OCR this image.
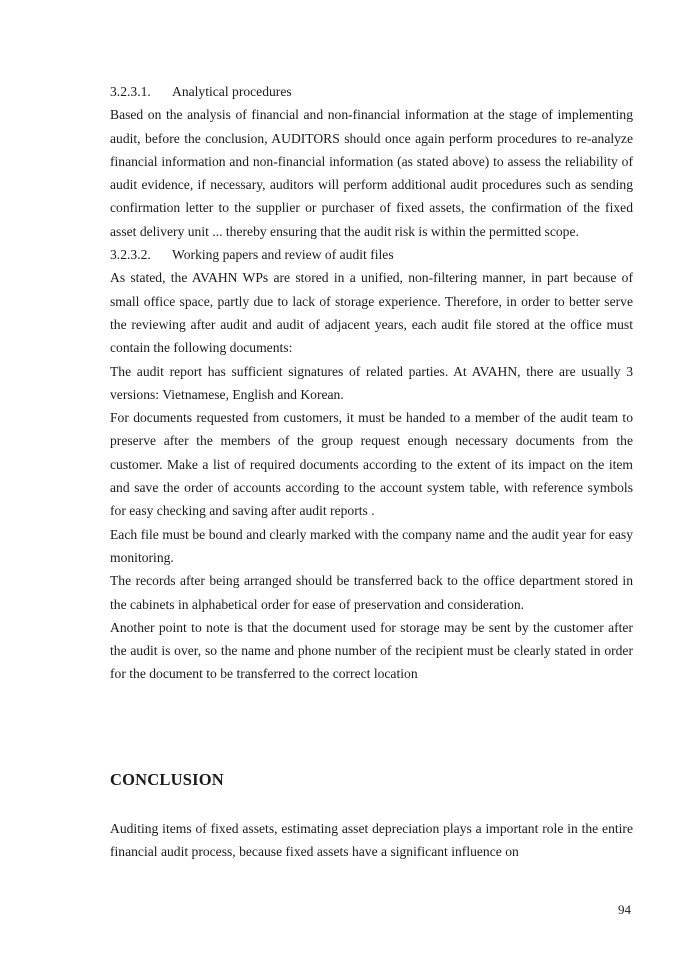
3.2.3.1. Analytical procedures

Based on the analysis of financial and non-financial information at the stage of implementing audit, before the conclusion, AUDITORS should once again perform procedures to re-analyze financial information and non-financial information (as stated above) to assess the reliability of audit evidence, if necessary, auditors will perform additional audit procedures such as sending confirmation letter to the supplier or purchaser of fixed assets, the confirmation of the fixed asset delivery unit ... thereby ensuring that the audit risk is within the permitted scope.

3.2.3.2. Working papers and review of audit files

As stated, the AVAHN WPs are stored in a unified, non-filtering manner, in part because of small office space, partly due to lack of storage experience. Therefore, in order to better serve the reviewing after audit and audit of adjacent years, each audit file stored at the office must contain the following documents:

The audit report has sufficient signatures of related parties. At AVAHN, there are usually 3 versions: Vietnamese, English and Korean.

For documents requested from customers, it must be handed to a member of the audit team to preserve after the members of the group request enough necessary documents from the customer. Make a list of required documents according to the extent of its impact on the item and save the order of accounts according to the account system table, with reference symbols for easy checking and saving after audit reports .

Each file must be bound and clearly marked with the company name and the audit year for easy monitoring.

The records after being arranged should be transferred back to the office department stored in the cabinets in alphabetical order for ease of preservation and consideration.

Another point to note is that the document used for storage may be sent by the customer after the audit is over, so the name and phone number of the recipient must be clearly stated in order for the document to be transferred to the correct location

CONCLUSION

Auditing items of fixed assets, estimating asset depreciation plays a important role in the entire financial audit process, because fixed assets have a significant influence on

94
